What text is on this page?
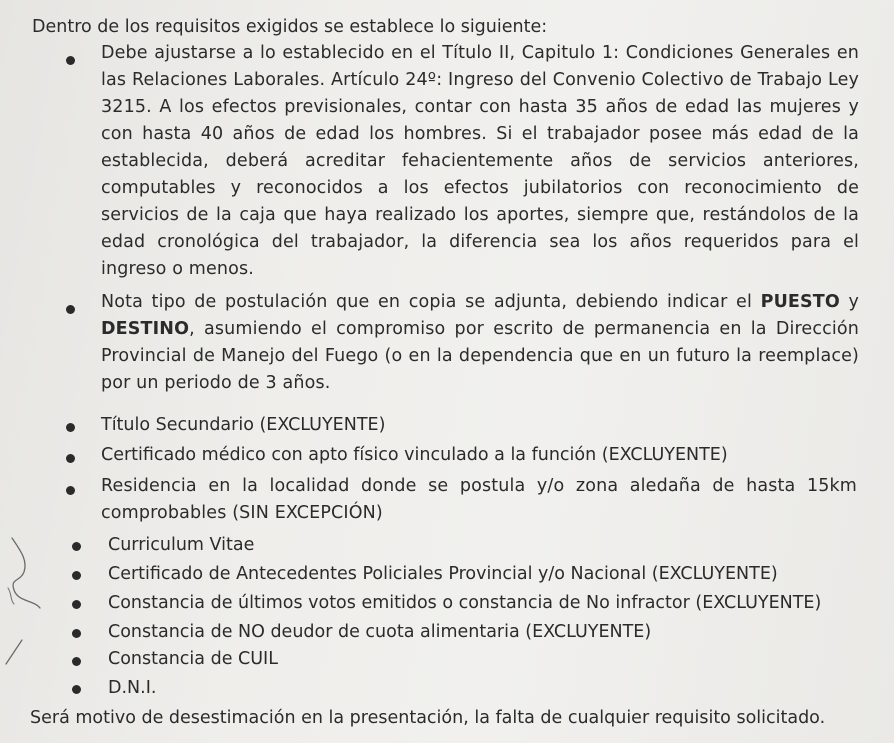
Dentro de los requisitos exigidos se establece lo siguiente:
Debe ajustarse a lo establecido en el Título II, Capitulo 1: Condiciones Generales en las Relaciones Laborales. Artículo 24º: Ingreso del Convenio Colectivo de Trabajo Ley 3215. A los efectos previsionales, contar con hasta 35 años de edad las mujeres y con hasta 40 años de edad los hombres. Si el trabajador posee más edad de la establecida, deberá acreditar fehacientemente años de servicios anteriores, computables y reconocidos a los efectos jubilatorios con reconocimiento de servicios de la caja que haya realizado los aportes, siempre que, restándolos de la edad cronológica del trabajador, la diferencia sea los años requeridos para el ingreso o menos.
Nota tipo de postulación que en copia se adjunta, debiendo indicar el PUESTO y DESTINO, asumiendo el compromiso por escrito de permanencia en la Dirección Provincial de Manejo del Fuego (o en la dependencia que en un futuro la reemplace) por un periodo de 3 años.
Título Secundario (EXCLUYENTE)
Certificado médico con apto físico vinculado a la función (EXCLUYENTE)
Residencia en la localidad donde se postula y/o zona aledaña de hasta 15km comprobables (SIN EXCEPCIÓN)
Curriculum Vitae
Certificado de Antecedentes Policiales Provincial y/o Nacional (EXCLUYENTE)
Constancia de últimos votos emitidos o constancia de No infractor (EXCLUYENTE)
Constancia de NO deudor de cuota alimentaria (EXCLUYENTE)
Constancia de CUIL
D.N.I.
Será motivo de desestimación en la presentación, la falta de cualquier requisito solicitado.
